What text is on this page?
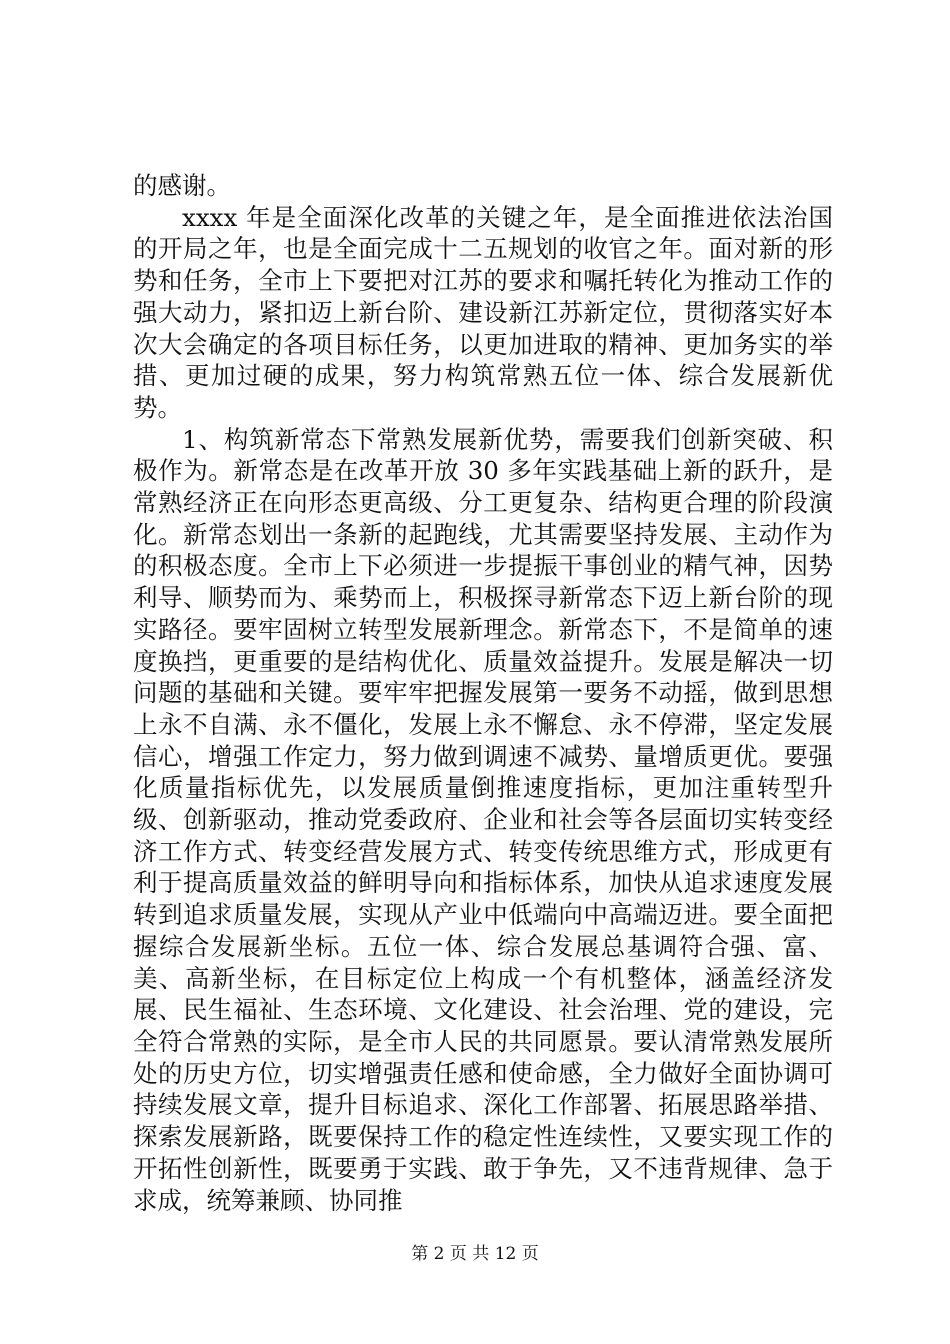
的感谢。

xxxx 年是全面深化改革的关键之年，是全面推进依法治国的开局之年，也是全面完成十二五规划的收官之年。面对新的形势和任务，全市上下要把对江苏的要求和嘱托转化为推动工作的强大动力，紧扣迈上新台阶、建设新江苏新定位，贯彻落实好本次大会确定的各项目标任务，以更加进取的精神、更加务实的举措、更加过硬的成果，努力构筑常熟五位一体、综合发展新优势。

1、构筑新常态下常熟发展新优势，需要我们创新突破、积极作为。新常态是在改革开放 30 多年实践基础上新的跃升，是常熟经济正在向形态更高级、分工更复杂、结构更合理的阶段演化。新常态划出一条新的起跑线，尤其需要坚持发展、主动作为的积极态度。全市上下必须进一步提振干事创业的精气神，因势利导、顺势而为、乘势而上，积极探寻新常态下迈上新台阶的现实路径。要牢固树立转型发展新理念。新常态下，不是简单的速度换挡，更重要的是结构优化、质量效益提升。发展是解决一切问题的基础和关键。要牢牢把握发展第一要务不动摇，做到思想上永不自满、永不僵化，发展上永不懈怠、永不停滞，坚定发展信心，增强工作定力，努力做到调速不减势、量增质更优。要强化质量指标优先，以发展质量倒推速度指标，更加注重转型升级、创新驱动，推动党委政府、企业和社会等各层面切实转变经济工作方式、转变经营发展方式、转变传统思维方式，形成更有利于提高质量效益的鲜明导向和指标体系，加快从追求速度发展转到追求质量发展，实现从产业中低端向中高端迈进。要全面把握综合发展新坐标。五位一体、综合发展总基调符合强、富、美、高新坐标，在目标定位上构成一个有机整体，涵盖经济发展、民生福祉、生态环境、文化建设、社会治理、党的建设，完全符合常熟的实际，是全市人民的共同愿景。要认清常熟发展所处的历史方位，切实增强责任感和使命感，全力做好全面协调可持续发展文章，提升目标追求、深化工作部署、拓展思路举措、探索发展新路，既要保持工作的稳定性连续性，又要实现工作的开拓性创新性，既要勇于实践、敢于争先，又不违背规律、急于求成，统筹兼顾、协同推

第 2 页 共 12 页
